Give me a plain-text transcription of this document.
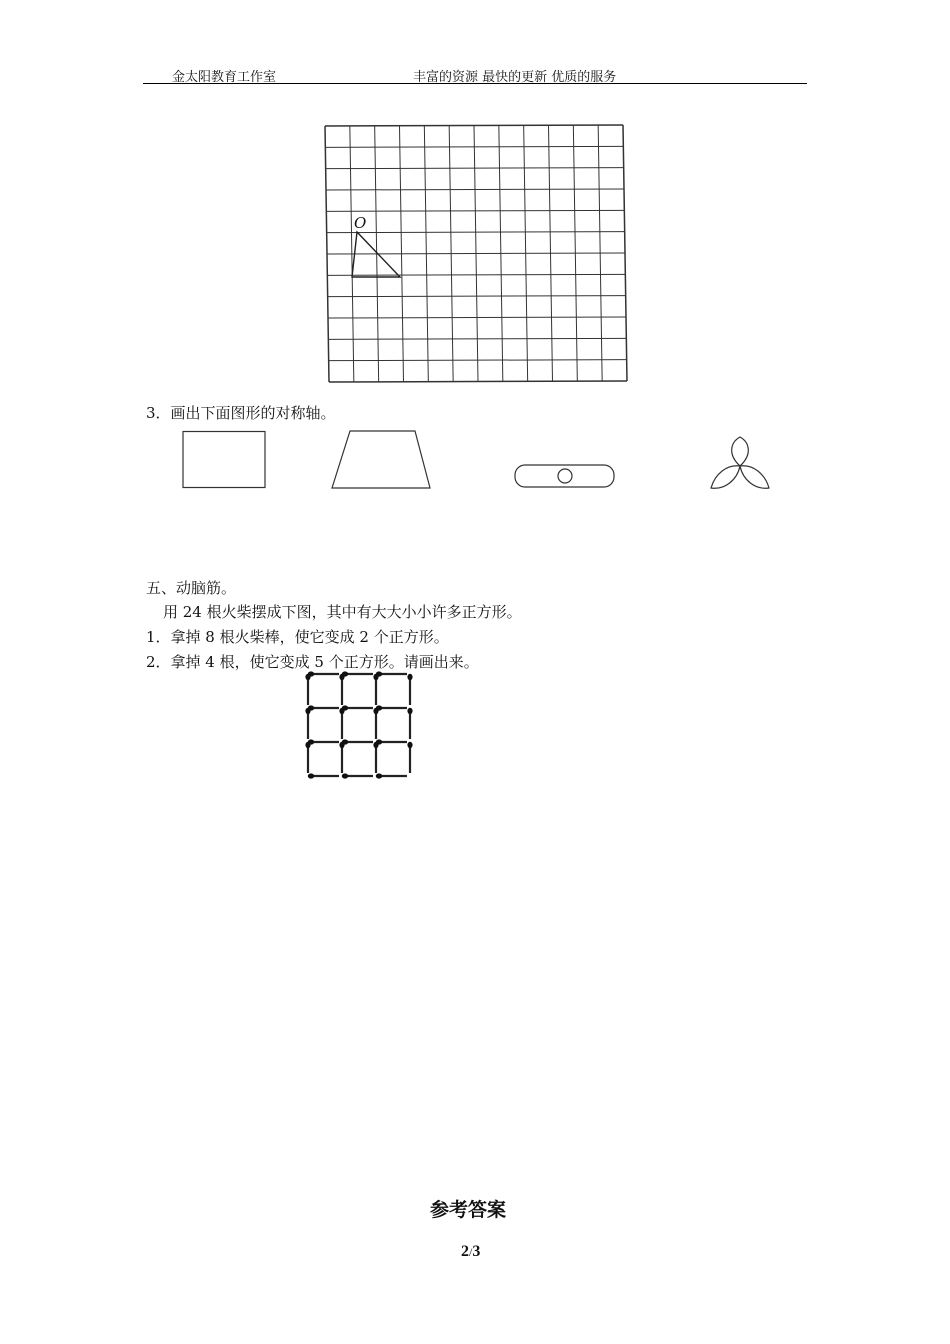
金太阳教育工作室	丰富的资源 最快的更新 优质的服务
O
3．画出下面图形的对称轴。
五、动脑筋。
用 24 根火柴摆成下图，其中有大大小小许多正方形。
1．拿掉 8 根火柴棒，使它变成 2 个正方形。
2．拿掉 4 根，使它变成 5 个正方形。请画出来。
参考答案
2/3
